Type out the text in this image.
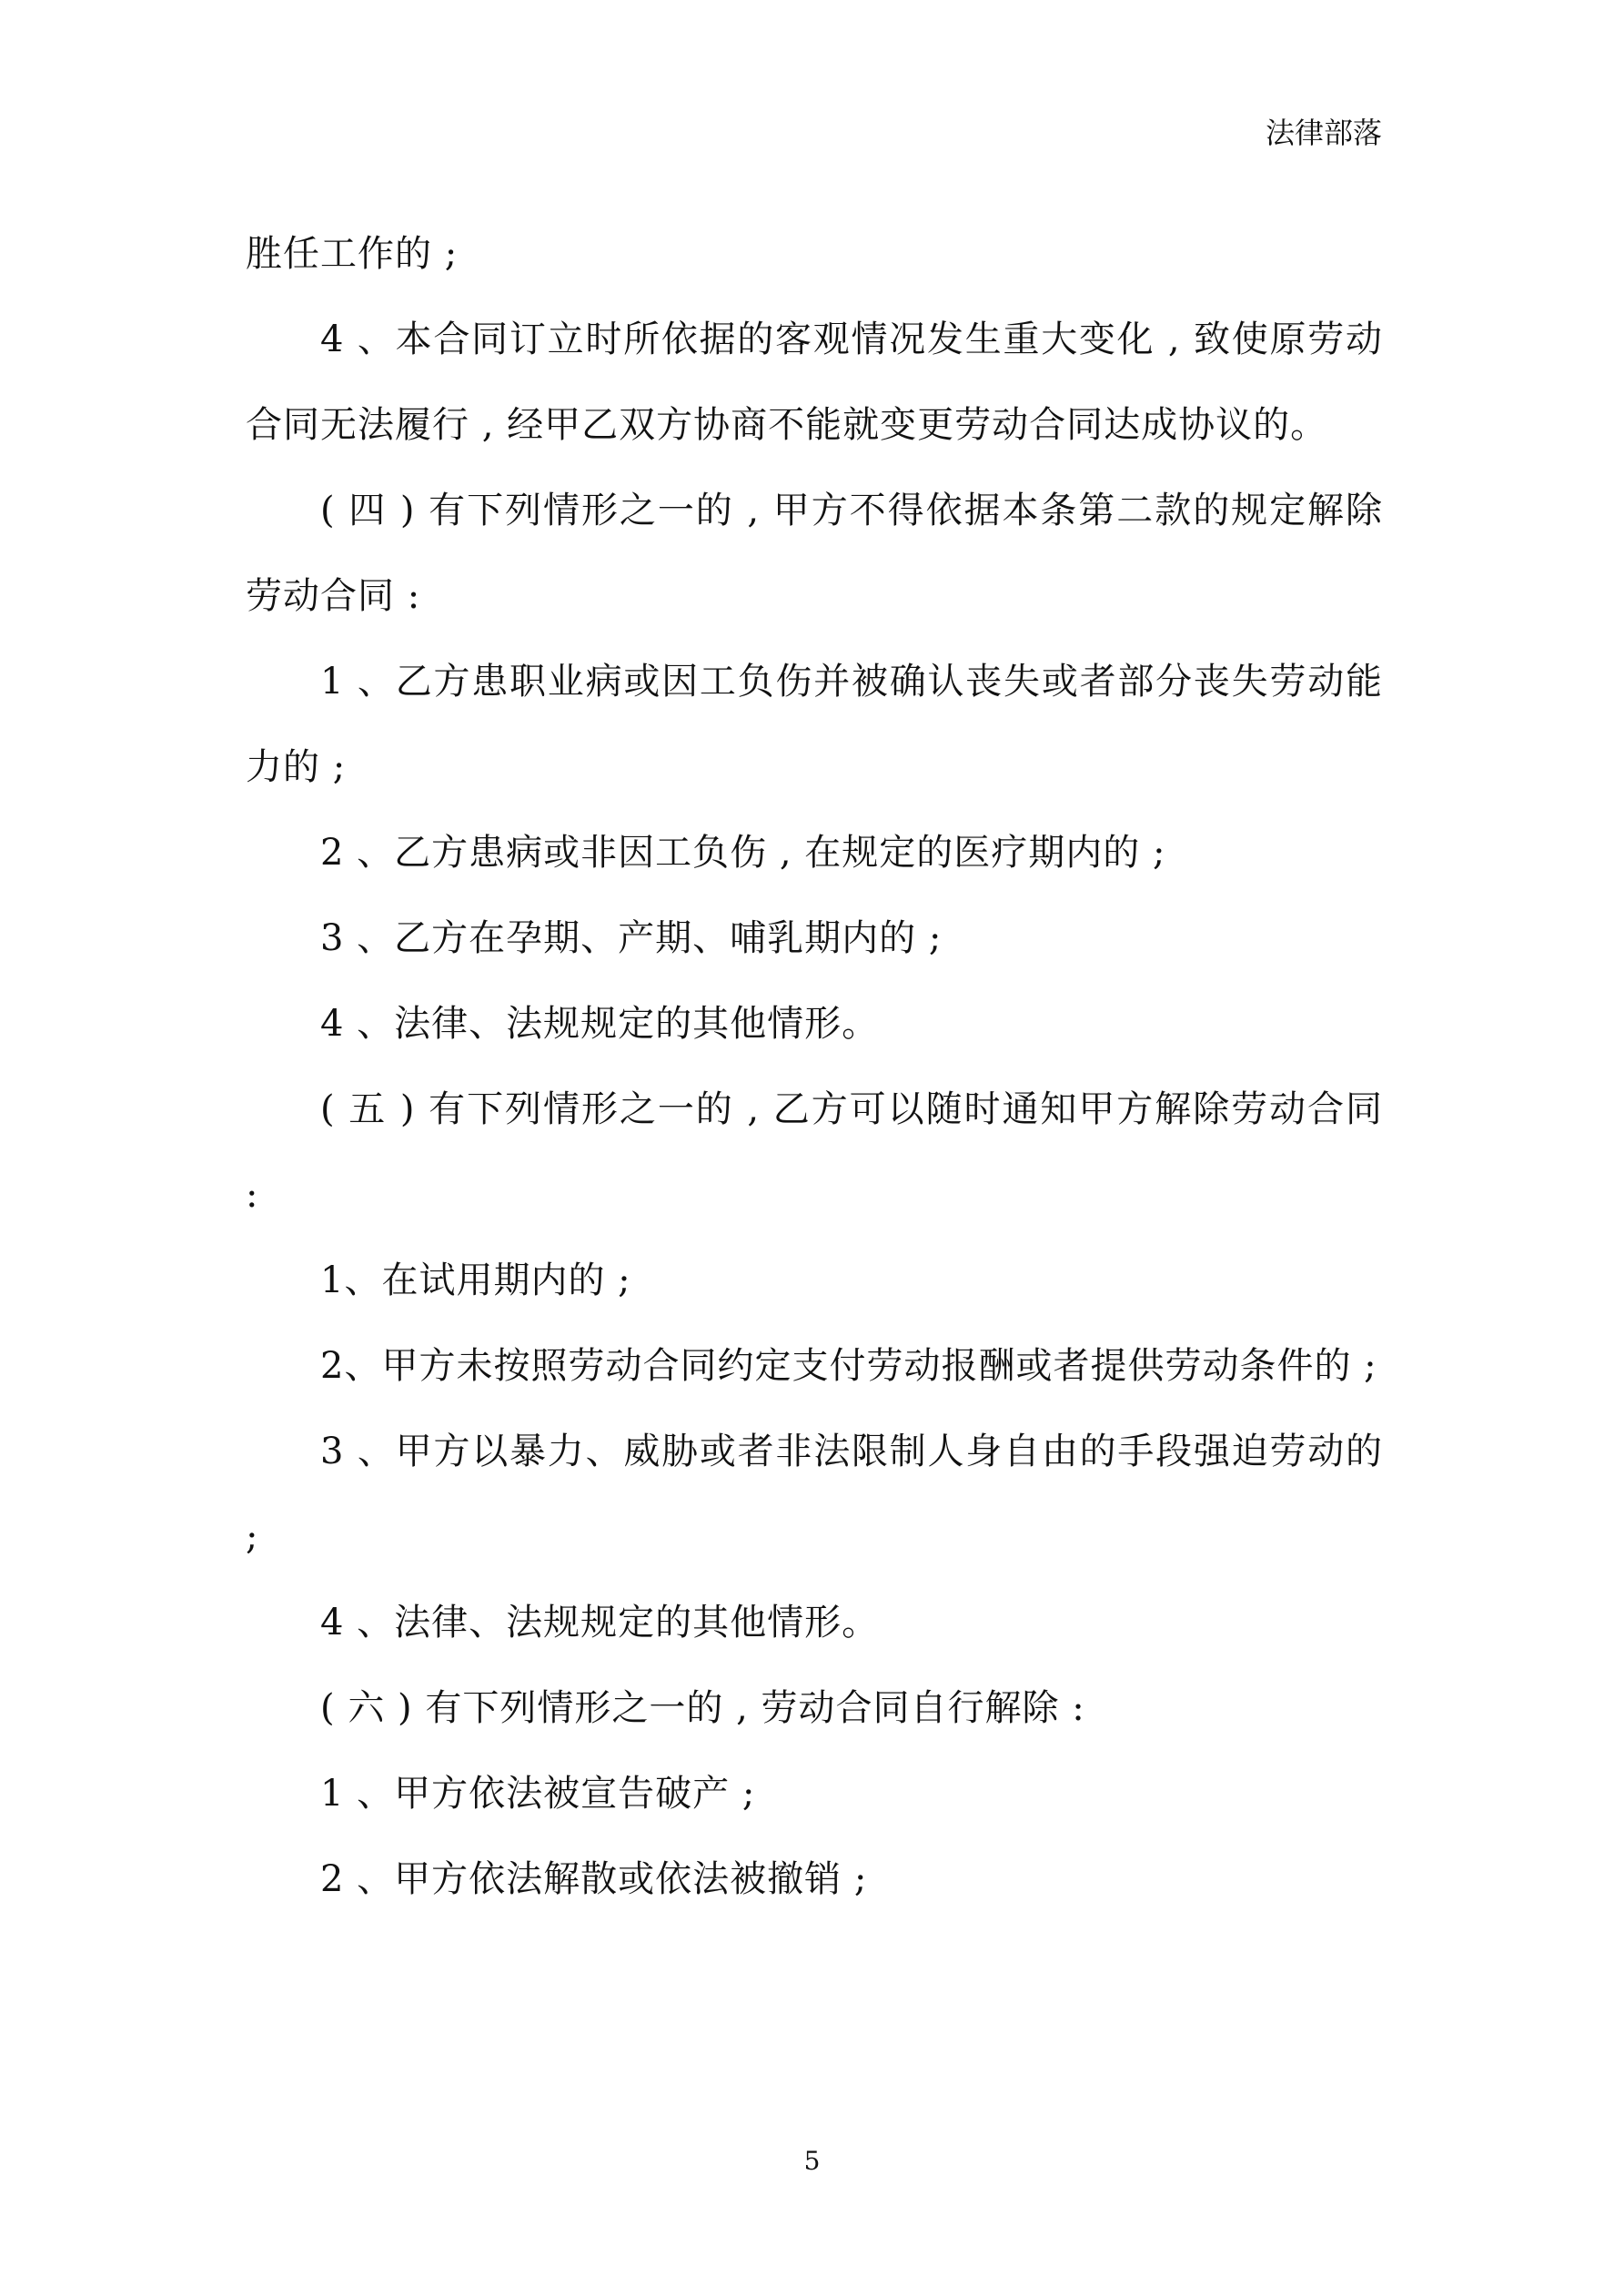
法律部落

胜任工作的 ;

4 、本合同订立时所依据的客观情况发生重大变化 , 致使原劳动合同无法履行 , 经甲乙双方协商不能就变更劳动合同达成协议的。

( 四 ) 有下列情形之一的 , 甲方不得依据本条第二款的规定解除劳动合同 :

1 、乙方患职业病或因工负伤并被确认丧失或者部分丧失劳动能力的 ;

2 、乙方患病或非因工负伤 , 在规定的医疗期内的 ;

3 、乙方在孕期、产期、哺乳期内的 ;

4 、法律、法规规定的其他情形。

( 五 ) 有下列情形之一的 , 乙方可以随时通知甲方解除劳动合同 :

1、在试用期内的 ;

2、甲方未按照劳动合同约定支付劳动报酬或者提供劳动条件的 ;

3 、甲方以暴力、威胁或者非法限制人身自由的手段强迫劳动的 ;

4 、法律、法规规定的其他情形。

( 六 ) 有下列情形之一的 , 劳动合同自行解除 :

1 、甲方依法被宣告破产 ;

2 、甲方依法解散或依法被撤销 ;

5
